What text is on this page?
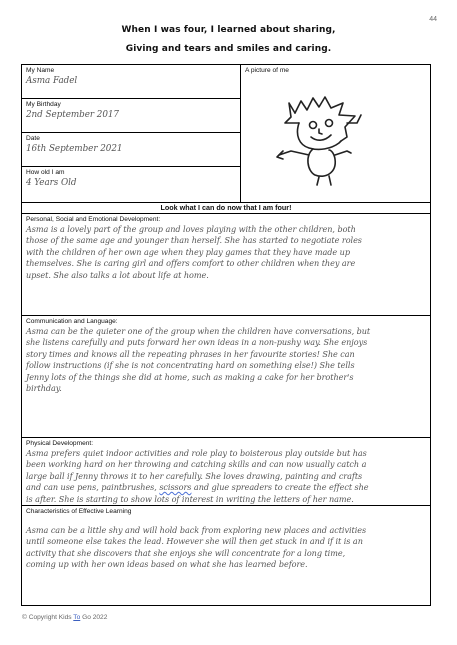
44
When I was four, I learned about sharing,
Giving and tears and smiles and caring.
My Name
Asma Fadel
My Birthday
2nd September 2017
Date
16th September 2021
How old I am
4 Years Old
A picture of me
Look what I can do now that I am four!
Personal, Social and Emotional Development:
Asma is a lovely part of the group and loves playing with the other children, both
those of the same age and younger than herself. She has started to negotiate roles
with the children of her own age when they play games that they have made up
themselves. She is caring girl and offers comfort to other children when they are
upset. She also talks a lot about life at home.
Communication and Language:
Asma can be the quieter one of the group when the children have conversations, but
she listens carefully and puts forward her own ideas in a non-pushy way. She enjoys
story times and knows all the repeating phrases in her favourite stories! She can
follow instructions (if she is not concentrating hard on something else!) She tells
Jenny lots of the things she did at home, such as making a cake for her brother's
birthday.
Physical Development:
Asma prefers quiet indoor activities and role play to boisterous play outside but has
been working hard on her throwing and catching skills and can now usually catch a
large ball if Jenny throws it to her carefully. She loves drawing, painting and crafts
and can use pens, paintbrushes, scissors and glue spreaders to create the effect she
is after. She is starting to show lots of interest in writing the letters of her name.
Characteristics of Effective Learning
Asma can be a little shy and will hold back from exploring new places and activities
until someone else takes the lead. However she will then get stuck in and if it is an
activity that she discovers that she enjoys she will concentrate for a long time,
coming up with her own ideas based on what she has learned before.
© Copyright Kids To Go 2022
